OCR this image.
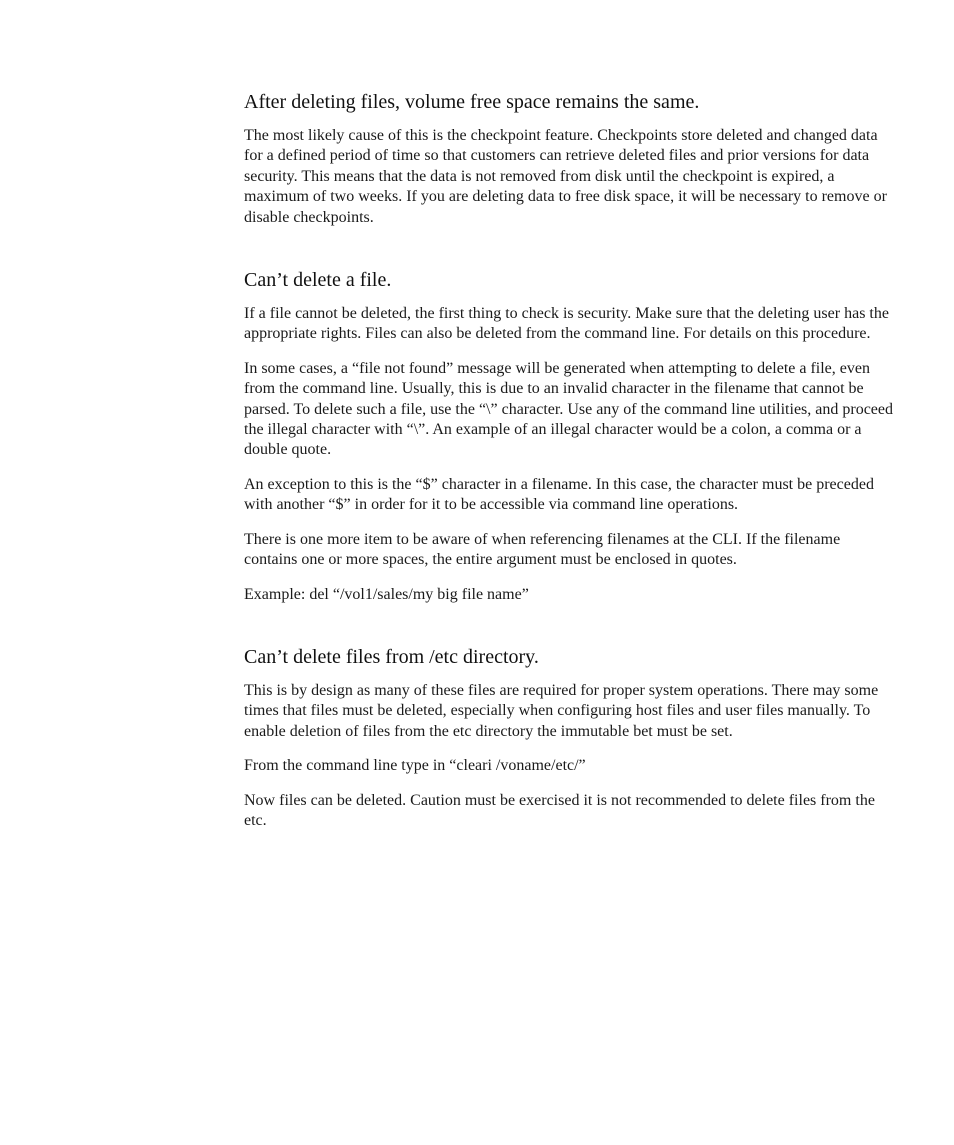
After deleting files, volume free space remains the same.

The most likely cause of this is the checkpoint feature. Checkpoints store deleted and changed data for a defined period of time so that customers can retrieve deleted files and prior versions for data security. This means that the data is not removed from disk until the checkpoint is expired, a maximum of two weeks. If you are deleting data to free disk space, it will be necessary to remove or disable checkpoints.

Can’t delete a file.

If a file cannot be deleted, the first thing to check is security. Make sure that the deleting user has the appropriate rights. Files can also be deleted from the command line. For details on this procedure.

In some cases, a “file not found” message will be generated when attempting to delete a file, even from the command line. Usually, this is due to an invalid character in the filename that cannot be parsed. To delete such a file, use the “\” character. Use any of the command line utilities, and proceed the illegal character with “\”. An example of an illegal character would be a colon, a comma or a double quote.

An exception to this is the “$” character in a filename. In this case, the character must be preceded with another “$” in order for it to be accessible via command line operations.

There is one more item to be aware of when referencing filenames at the CLI. If the filename contains one or more spaces, the entire argument must be enclosed in quotes.

Example: del “/vol1/sales/my big file name”

Can’t delete files from /etc directory.

This is by design as many of these files are required for proper system operations. There may some times that files must be deleted, especially when configuring host files and user files manually. To enable deletion of files from the etc directory the immutable bet must be set.

From the command line type in “cleari /voname/etc/”

Now files can be deleted. Caution must be exercised it is not recommended to delete files from the etc.
